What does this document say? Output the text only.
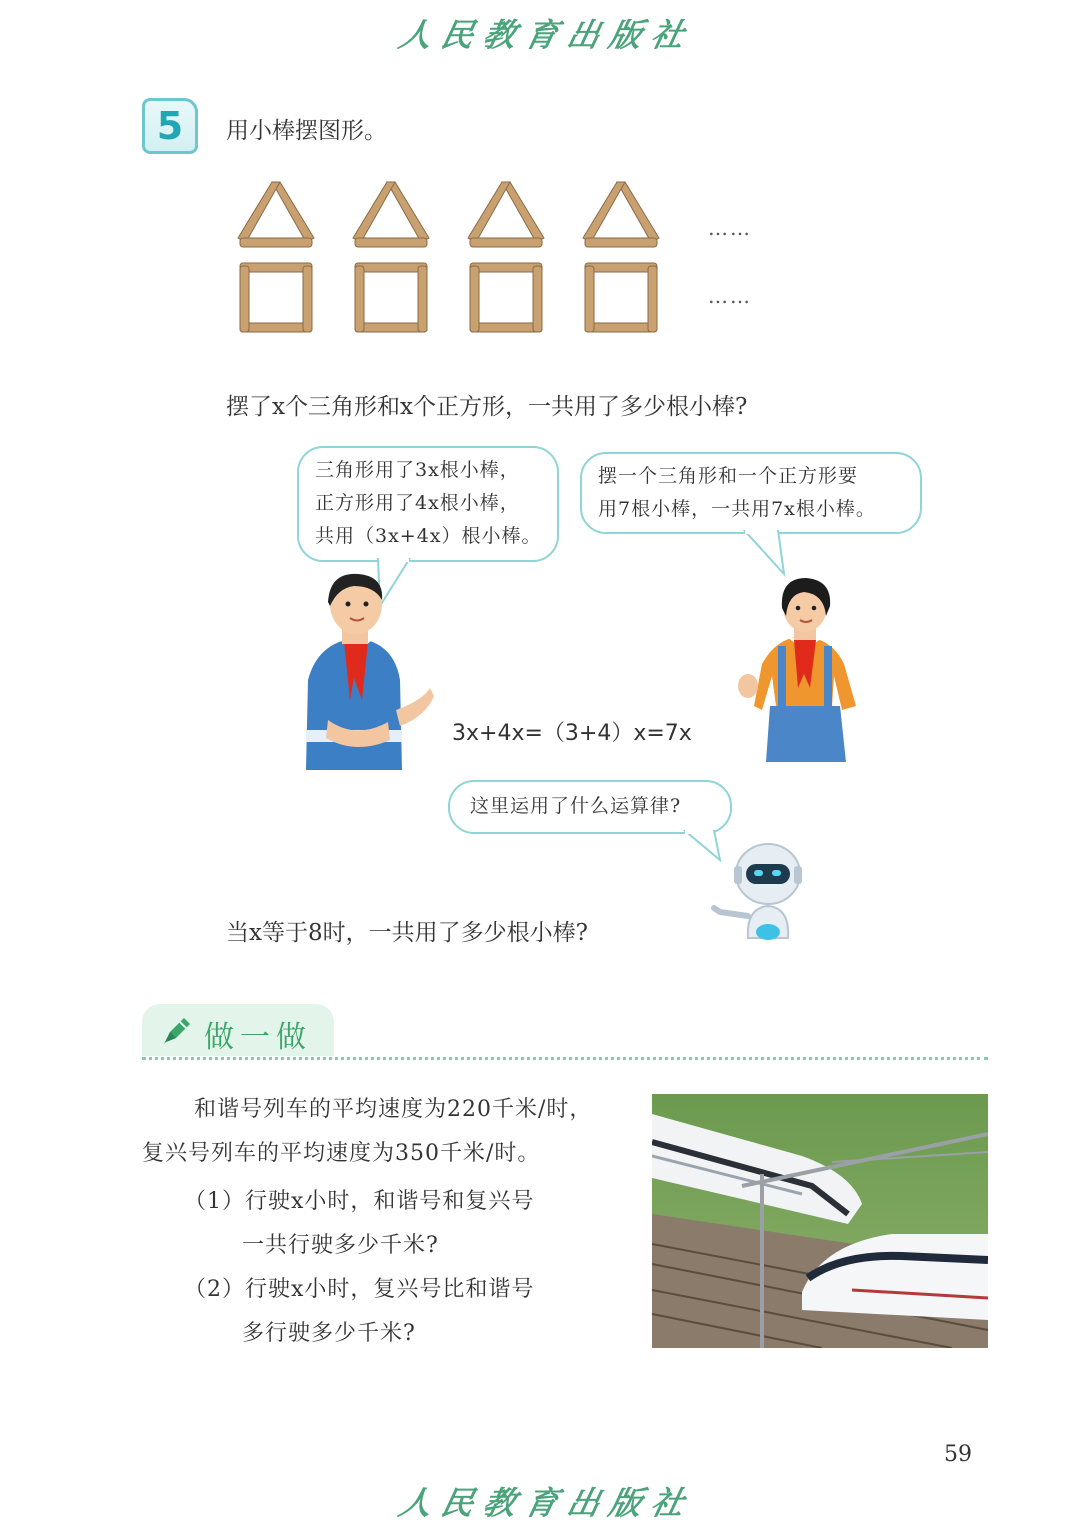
人民教育出版社
5	用小棒摆图形。
……
……
摆了x个三角形和x个正方形，一共用了多少根小棒?
三角形用了3x根小棒，
正方形用了4x根小棒，
共用（3x+4x）根小棒。
摆一个三角形和一个正方形要
用7根小棒，一共用7x根小棒。
3x+4x=（3+4）x=7x
这里运用了什么运算律?
当x等于8时，一共用了多少根小棒?
做一做
和谐号列车的平均速度为220千米/时，
复兴号列车的平均速度为350千米/时。
（1）行驶x小时，和谐号和复兴号
一共行驶多少千米?
（2）行驶x小时，复兴号比和谐号
多行驶多少千米?
59
人民教育出版社
